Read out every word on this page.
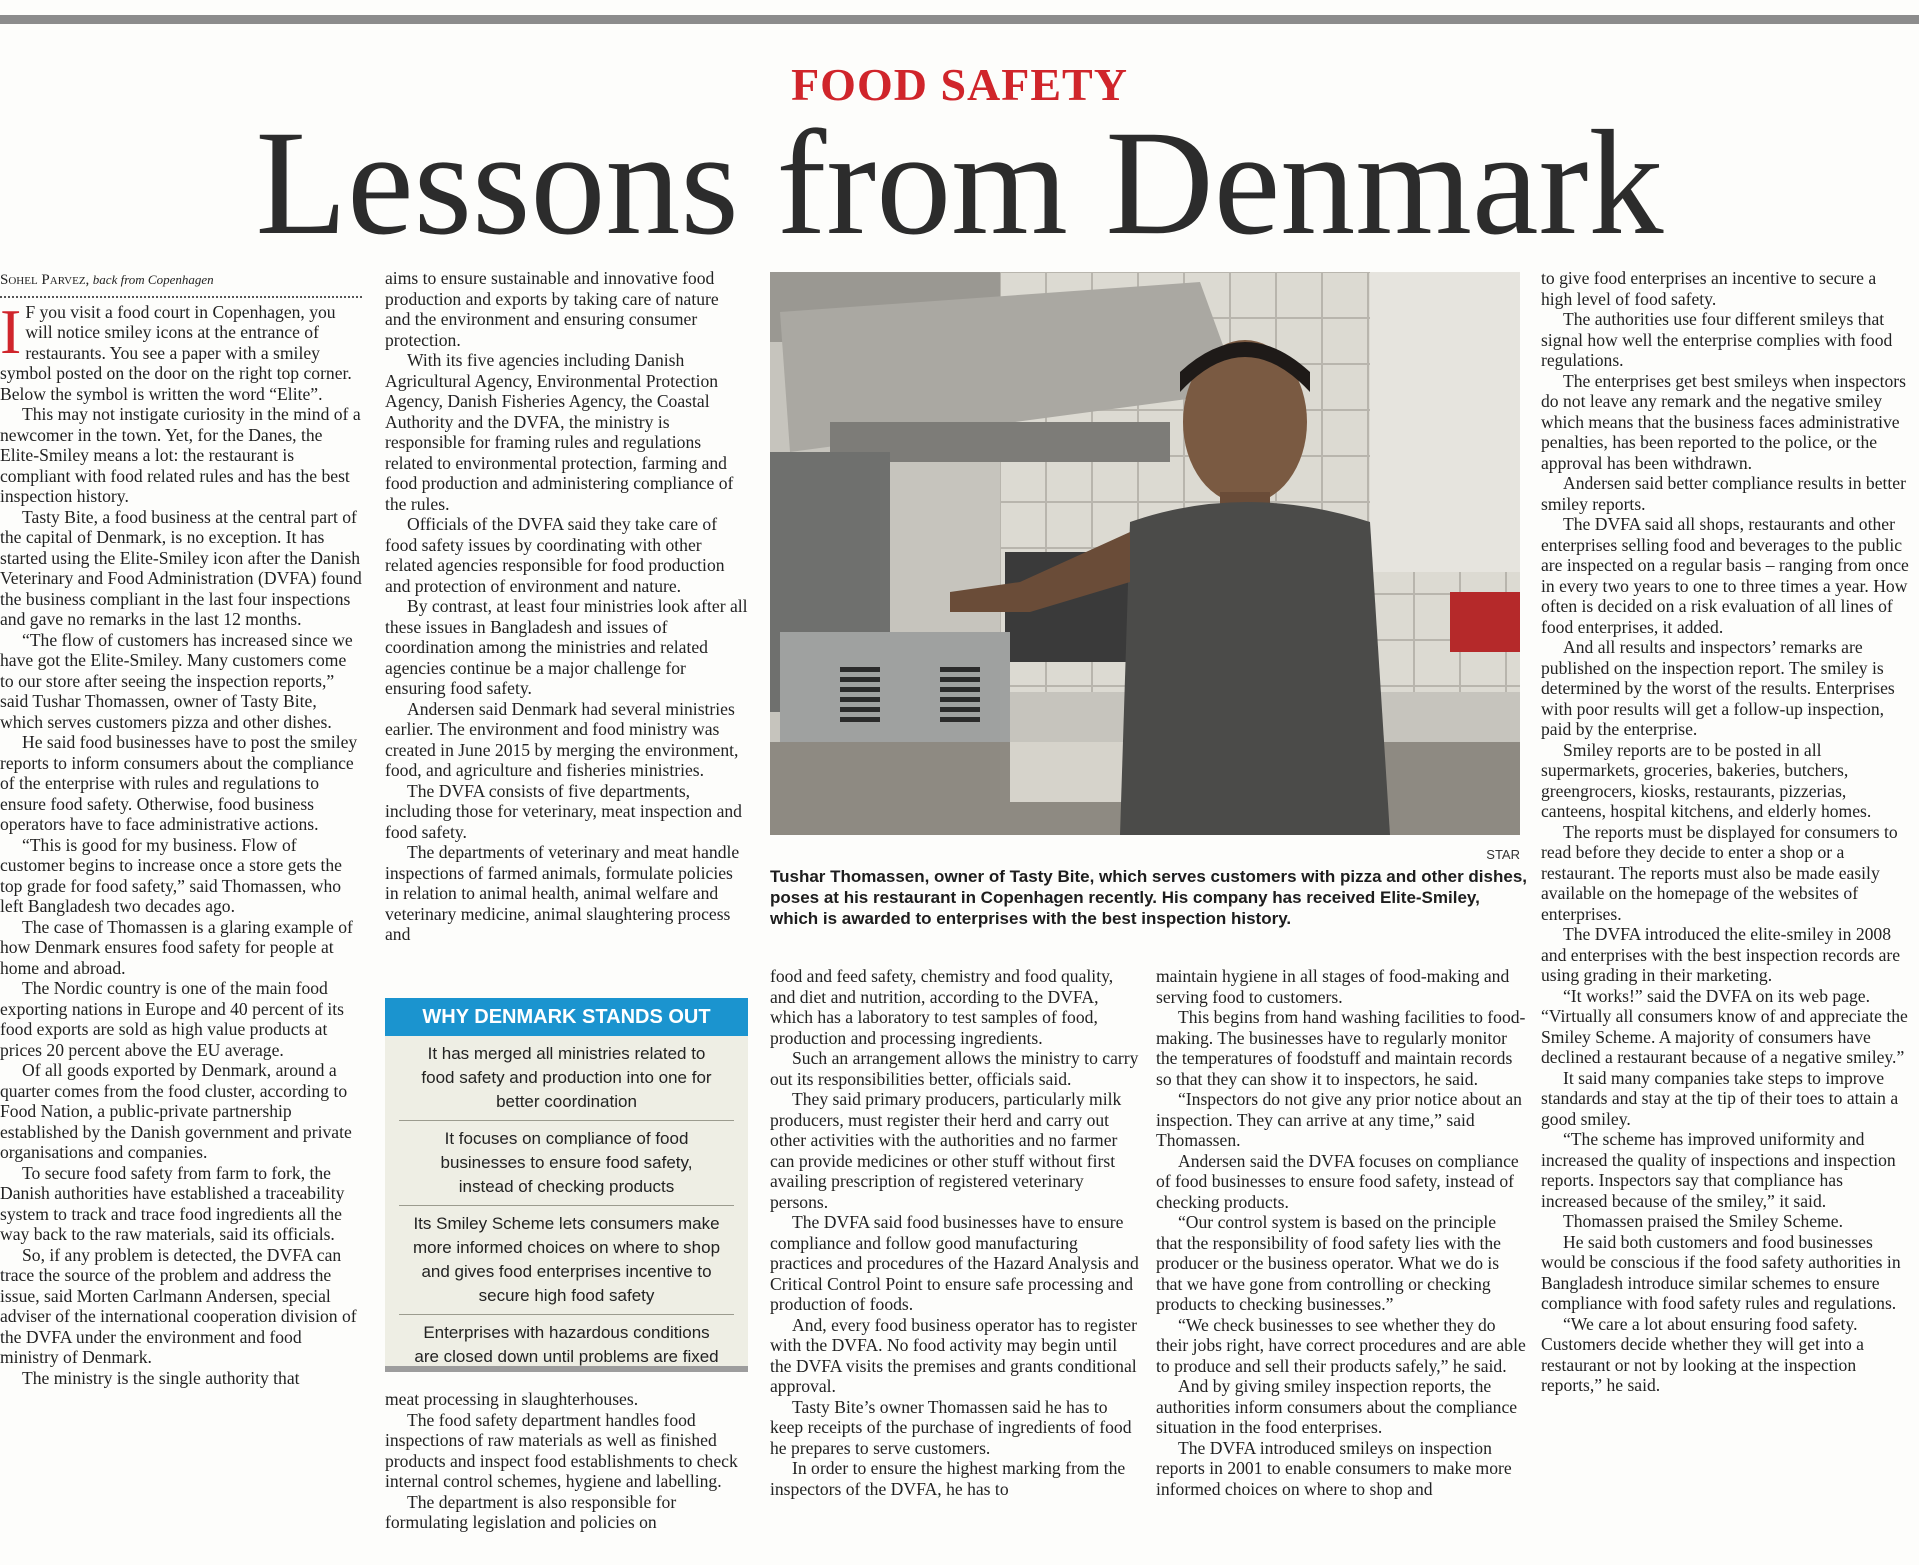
FOOD SAFETY
Lessons from Denmark
Sohel Parvez, back from Copenhagen

I F you visit a food court in Copenhagen, you will notice smiley icons at the entrance of restaurants. You see a paper with a smiley symbol posted on the door on the right top corner. Below the symbol is written the word “Elite”.

This may not instigate curiosity in the mind of a newcomer in the town. Yet, for the Danes, the Elite-Smiley means a lot: the restaurant is compliant with food related rules and has the best inspection history.

Tasty Bite, a food business at the central part of the capital of Denmark, is no exception. It has started using the Elite-Smiley icon after the Danish Veterinary and Food Administration (DVFA) found the business compliant in the last four inspections and gave no remarks in the last 12 months.

“The flow of customers has increased since we have got the Elite-Smiley. Many customers come to our store after seeing the inspection reports,” said Tushar Thomassen, owner of Tasty Bite, which serves customers pizza and other dishes.

He said food businesses have to post the smiley reports to inform consumers about the compliance of the enterprise with rules and regulations to ensure food safety. Otherwise, food business operators have to face administrative actions.

“This is good for my business. Flow of customer begins to increase once a store gets the top grade for food safety,” said Thomassen, who left Bangladesh two decades ago.

The case of Thomassen is a glaring example of how Denmark ensures food safety for people at home and abroad.

The Nordic country is one of the main food exporting nations in Europe and 40 percent of its food exports are sold as high value products at prices 20 percent above the EU average.

Of all goods exported by Denmark, around a quarter comes from the food cluster, according to Food Nation, a public-private partnership established by the Danish government and private organisations and companies.

To secure food safety from farm to fork, the Danish authorities have established a traceability system to track and trace food ingredients all the way back to the raw materials, said its officials.

So, if any problem is detected, the DVFA can trace the source of the problem and address the issue, said Morten Carlmann Andersen, special adviser of the international cooperation division of the DVFA under the environment and food ministry of Denmark.

The ministry is the single authority that

aims to ensure sustainable and innovative food production and exports by taking care of nature and the environment and ensuring consumer protection.

With its five agencies including Danish Agricultural Agency, Environmental Protection Agency, Danish Fisheries Agency, the Coastal Authority and the DVFA, the ministry is responsible for framing rules and regulations related to environmental protection, farming and food production and administering compliance of the rules.

Officials of the DVFA said they take care of food safety issues by coordinating with other related agencies responsible for food production and protection of environment and nature.

By contrast, at least four ministries look after all these issues in Bangladesh and issues of coordination among the ministries and related agencies continue be a major challenge for ensuring food safety.

Andersen said Denmark had several ministries earlier. The environment and food ministry was created in June 2015 by merging the environment, food, and agriculture and fisheries ministries.

The DVFA consists of five departments, including those for veterinary, meat inspection and food safety.

The departments of veterinary and meat handle inspections of farmed animals, formulate policies in relation to animal health, animal welfare and veterinary medicine, animal slaughtering process and

WHY DENMARK STANDS OUT
It has merged all ministries related to food safety and production into one for better coordination
It focuses on compliance of food businesses to ensure food safety, instead of checking products
Its Smiley Scheme lets consumers make more informed choices on where to shop and gives food enterprises incentive to secure high food safety
Enterprises with hazardous conditions are closed down until problems are fixed

meat processing in slaughterhouses.

The food safety department handles food inspections of raw materials as well as finished products and inspect food establishments to check internal control schemes, hygiene and labelling.

The department is also responsible for formulating legislation and policies on

STAR
Tushar Thomassen, owner of Tasty Bite, which serves customers with pizza and other dishes, poses at his restaurant in Copenhagen recently. His company has received Elite-Smiley, which is awarded to enterprises with the best inspection history.

food and feed safety, chemistry and food quality, and diet and nutrition, according to the DVFA, which has a laboratory to test samples of food, production and processing ingredients.

Such an arrangement allows the ministry to carry out its responsibilities better, officials said.

They said primary producers, particularly milk producers, must register their herd and carry out other activities with the authorities and no farmer can provide medicines or other stuff without first availing prescription of registered veterinary persons.

The DVFA said food businesses have to ensure compliance and follow good manufacturing practices and procedures of the Hazard Analysis and Critical Control Point to ensure safe processing and production of foods.

And, every food business operator has to register with the DVFA. No food activity may begin until the DVFA visits the premises and grants conditional approval.

Tasty Bite’s owner Thomassen said he has to keep receipts of the purchase of ingredients of food he prepares to serve customers.

In order to ensure the highest marking from the inspectors of the DVFA, he has to

maintain hygiene in all stages of food-making and serving food to customers.

This begins from hand washing facilities to food-making. The businesses have to regularly monitor the temperatures of foodstuff and maintain records so that they can show it to inspectors, he said.

“Inspectors do not give any prior notice about an inspection. They can arrive at any time,” said Thomassen.

Andersen said the DVFA focuses on compliance of food businesses to ensure food safety, instead of checking products.

“Our control system is based on the principle that the responsibility of food safety lies with the producer or the business operator. What we do is that we have gone from controlling or checking products to checking businesses.”

“We check businesses to see whether they do their jobs right, have correct procedures and are able to produce and sell their products safely,” he said.

And by giving smiley inspection reports, the authorities inform consumers about the compliance situation in the food enterprises.

The DVFA introduced smileys on inspection reports in 2001 to enable consumers to make more informed choices on where to shop and

to give food enterprises an incentive to secure a high level of food safety.

The authorities use four different smileys that signal how well the enterprise complies with food regulations.

The enterprises get best smileys when inspectors do not leave any remark and the negative smiley which means that the business faces administrative penalties, has been reported to the police, or the approval has been withdrawn.

Andersen said better compliance results in better smiley reports.

The DVFA said all shops, restaurants and other enterprises selling food and beverages to the public are inspected on a regular basis – ranging from once in every two years to one to three times a year. How often is decided on a risk evaluation of all lines of food enterprises, it added.

And all results and inspectors’ remarks are published on the inspection report. The smiley is determined by the worst of the results. Enterprises with poor results will get a follow-up inspection, paid by the enterprise.

Smiley reports are to be posted in all supermarkets, groceries, bakeries, butchers, greengrocers, kiosks, restaurants, pizzerias, canteens, hospital kitchens, and elderly homes.

The reports must be displayed for consumers to read before they decide to enter a shop or a restaurant. The reports must also be made easily available on the homepage of the websites of enterprises.

The DVFA introduced the elite-smiley in 2008 and enterprises with the best inspection records are using grading in their marketing.

“It works!” said the DVFA on its web page. “Virtually all consumers know of and appreciate the Smiley Scheme. A majority of consumers have declined a restaurant because of a negative smiley.”

It said many companies take steps to improve standards and stay at the tip of their toes to attain a good smiley.

“The scheme has improved uniformity and increased the quality of inspections and inspection reports. Inspectors say that compliance has increased because of the smiley,” it said.

Thomassen praised the Smiley Scheme.

He said both customers and food businesses would be conscious if the food safety authorities in Bangladesh introduce similar schemes to ensure compliance with food safety rules and regulations.

“We care a lot about ensuring food safety. Customers decide whether they will get into a restaurant or not by looking at the inspection reports,” he said.
